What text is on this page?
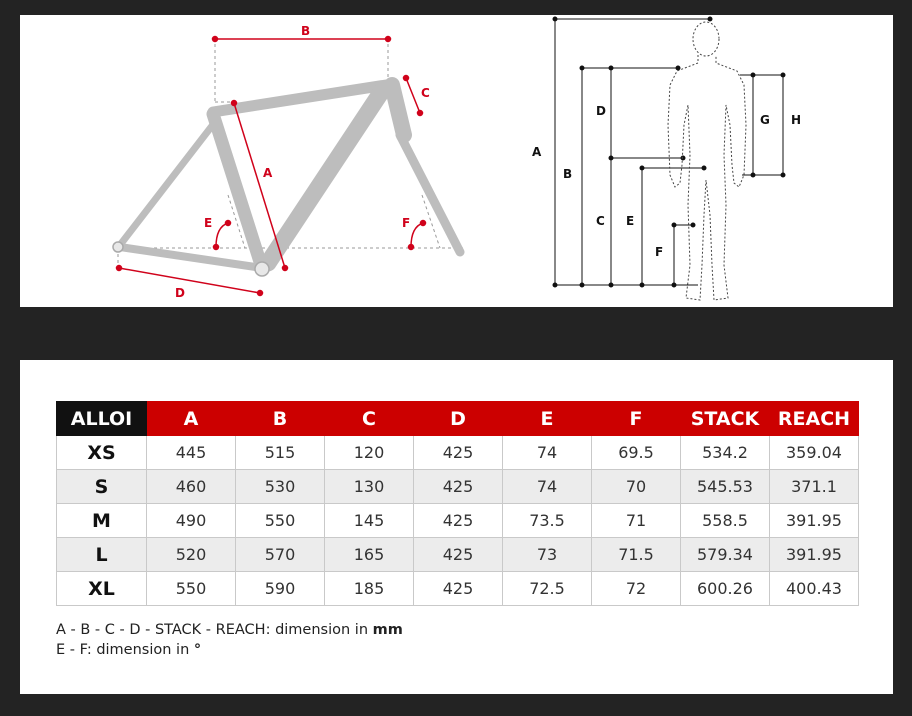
B
A
C
D
E	F
A
B
C
D
E
F
G H
ALLOI	A	B	C	D	E	F	STACK	REACH
XS	445	515	120	425	74	69.5	534.2	359.04
S	460	530	130	425	74	70	545.53	371.1
M	490	550	145	425	73.5	71	558.5	391.95
L	520	570	165	425	73	71.5	579.34	391.95
XL	550	590	185	425	72.5	72	600.26	400.43
A - B - C - D - STACK - REACH: dimension in mm
E - F: dimension in °
